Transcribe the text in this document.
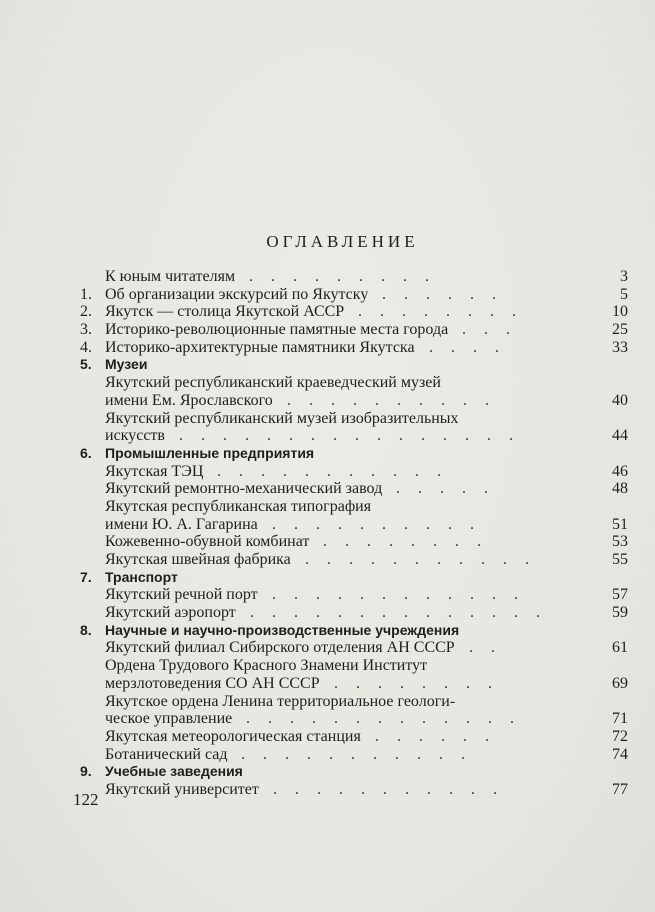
ОГЛАВЛЕНИЕ
К юным читателям . . . . . . . . .	3
1. Об организации экскурсий по Якутску . . . . . .	5
2. Якутск — столица Якутской АССР . . . . . . . .	10
3. Историко-революционные памятные места города . . .	25
4. Историко-архитектурные памятники Якутска . . . .	33
5. Музеи
Якутский республиканский краеведческий музей
имени Ем. Ярославского . . . . . . . . . .	40
Якутский республиканский музей изобразительных
искусств . . . . . . . . . . . . . . . .	44
6. Промышленные предприятия
Якутская ТЭЦ . . . . . . . . . . .	46
Якутский ремонтно-механический завод . . . . .	48
Якутская республиканская типография
имени Ю. А. Гагарина . . . . . . . . . .	51
Кожевенно-обувной комбинат . . . . . . . .	53
Якутская швейная фабрика . . . . . . . . . . .	55
7. Транспорт
Якутский речной порт . . . . . . . . . . . .	57
Якутский аэропорт . . . . . . . . . . . . . .	59
8. Научные и научно-производственные учреждения
Якутский филиал Сибирского отделения АН СССР . .	61
Ордена Трудового Красного Знамени Институт
мерзлотоведения СО АН СССР . . . . . . . .	69
Якутское ордена Ленина территориальное геологи-
ческое управление . . . . . . . . . . . . .	71
Якутская метеорологическая станция . . . . . .	72
Ботанический сад . . . . . . . . . . .	74
9. Учебные заведения
Якутский университет . . . . . . . . . . .	77
122
